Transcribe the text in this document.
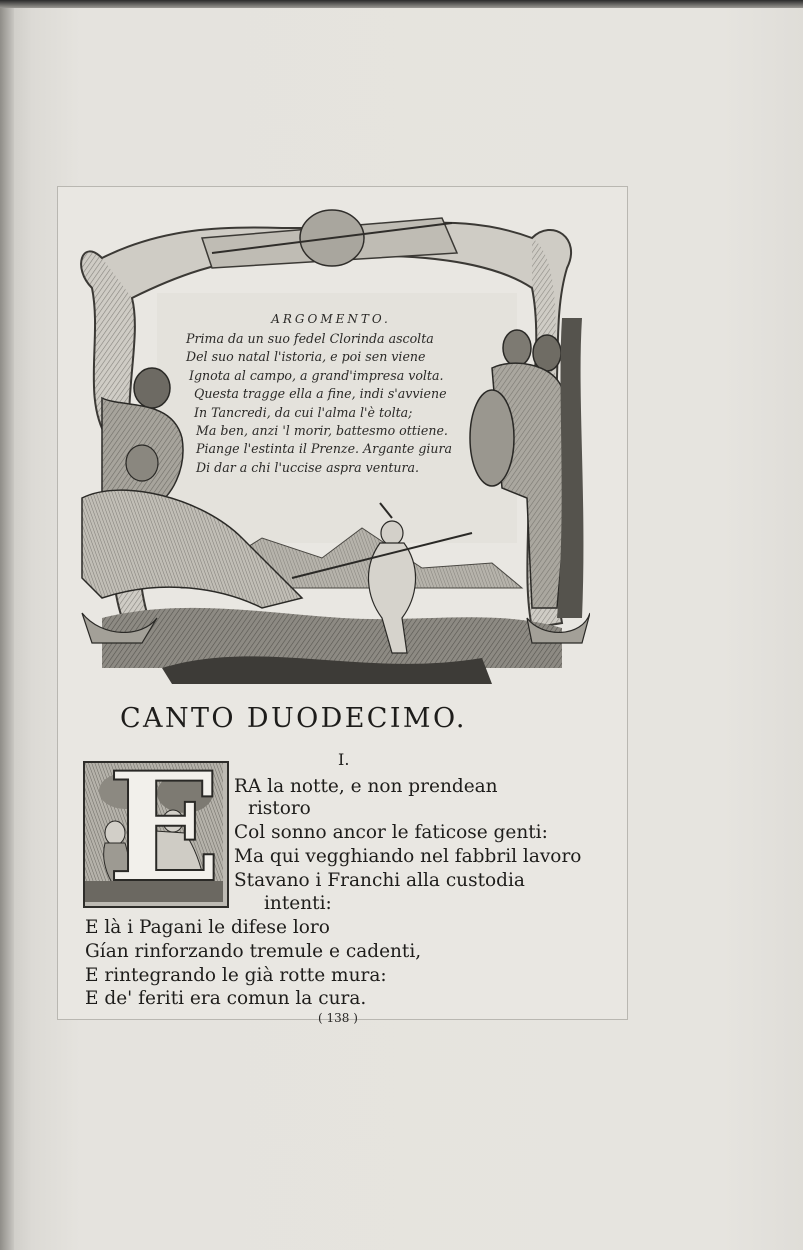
ARGOMENTO.
Prima da un suo fedel Clorinda ascolta
Del suo natal l'istoria, e poi sen viene
Ignota al campo, a grand'impresa volta.
Questa tragge ella a fine, indi s'avviene
In Tancredi, da cui l'alma l'è tolta;
Ma ben, anzi 'l morir, battesmo ottiene.
Piange l'estinta il Prenze. Argante giura
Di dar a chi l'uccise aspra ventura.
CANTO DUODECIMO.
I.
E RA la notte, e non prendean
ristoro
Col sonno ancor le faticose genti:
Ma qui vegghiando nel fabbril lavoro
Stavano i Franchi alla custodia
intenti:
E là i Pagani le difese loro
Gían rinforzando tremule e cadenti,
E rintegrando le già rotte mura:
E de' feriti era comun la cura.
( 138 )
